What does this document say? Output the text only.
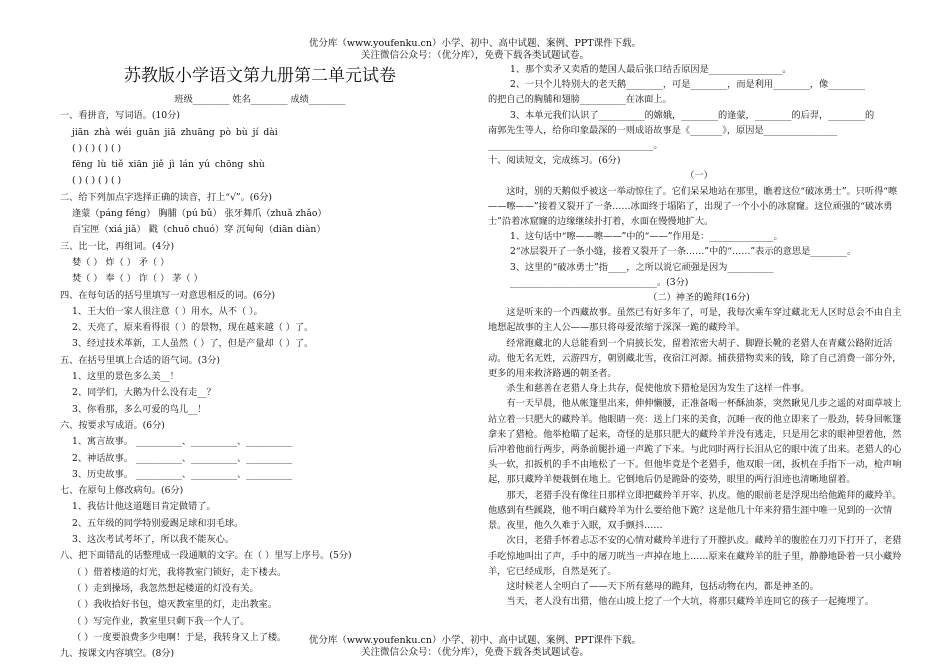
优分库（www.youfenku.cn）小学、初中、高中试题、案例、PPT课件下载。
关注微信公众号：（优分库），免费下载各类试题试卷。
苏教版小学语文第九册第二单元试卷
班级________ 姓名________ 成绩________
一、看拼音，写词语。(10分)
jiān zhà wéi guān jiā zhuāng pò bù jí dài
( ) ( ) ( ) ( )
fēng lù tiě xiān jiě jì lán yú chōng shù
( ) ( ) ( ) ( )
二、给下列加点字选择正确的读音，打上“√”。(6分)
逢蒙（páng féng） 胸脯（pú bǔ） 张牙舞爪（zhuǎ zhǎo）
百宝匣（xiá jiǎ） 戳（chuō chuó）穿 沉甸甸（diān diàn）
三、比一比，再组词。(4分)
婪（ ） 炸（ ） 矛（ ）
焚（ ） 奉（ ） 诈（ ） 茅（ ）
四、在每句话的括号里填写一对意思相反的词。(6分)
1、王大伯一家人很注意（ ）用水，从不（ ）。
2、天亮了，原来看得很（ ）的景物，现在越来越（ ）了。
3、经过技术革新，工人虽然（ ）了，但是产量却（ ）了。
五、在括号里填上合适的语气词。(3分)
1、这里的景色多么美__！
2、同学们，大鹅为什么没有走__？
3、你看那，多么可爱的鸟儿__！
六、按要求写成语。(6分)
1、寓言故事。 __________、__________、__________
2、神话故事。 __________、__________、__________
3、历史故事。 __________、__________、__________
七、在原句上修改病句。(6分)
1、我估计他这道题目肯定做错了。
2、五年级的同学特别爱踢足球和羽毛球。
3、这次考试考坏了，所以我不能灰心。
八、把下面错乱的话整理成一段通顺的文字。在（ ）里写上序号。(5分)
（ ）借着楼道的灯光，我将教室门锁好，走下楼去。
（ ）走到操场，我忽然想起楼道的灯没有关。
（ ）我收拾好书包，熄灭教室里的灯，走出教室。
（ ）写完作业，教室里只剩下我一个人了。
（ ）一度要浪费多少电啊！于是，我转身又上了楼。
九、按课文内容填空。(8分)
1、那个卖矛又卖盾的楚国人最后张口结舌原因是________________。
2、一只个儿特别大的老天鹅________，可是________，而是利用________，像________
的把自己的胸脯和翅膀__________在冰面上。
3、本单元我们认识了__________的嫦娥，________的逢蒙，________的后羿，________的
南郭先生等人，给你印象最深的一则成语故事是《_______》，原因是________________
____________________________________。
十、阅读短文，完成练习。(6分)
（一）
这时，别的天鹅似乎被这一举动惊住了。它们呆呆地站在那里，瞧着这位“破冰勇士”。只听得“嚓——嚓——”接着又裂开了一条……冰面终于塌陷了，出现了一个小小的冰窟窿。这位顽强的“破冰勇士”沿着冰窟窿的边缘继续扑打着，水面在慢慢地扩大。
1、这句话中“嚓——嚓——”中的“——”作用是：______________。
2“冰层裂开了一条小缝，接着又裂开了一条……”中的“……”表示的意思是________。
3、这里的“破冰勇士”指____，之所以说它顽强是因为__________
________________________________。(3分)
（二）神圣的跪拜(16分)
这是听来的一个西藏故事。虽然已有好多年了，可是，我每次乘车穿过藏北无人区时总会不由自主地想起故事的主人公——那只将母爱浓缩于深深一跪的藏羚羊。
经常跑藏北的人总能看到一个肩披长发，留着浓密大胡子、脚蹬长靴的老猎人在青藏公路附近活动。他无名无姓，云游四方，朝别藏北雪，夜宿江河源。捕获猎物卖来的钱，除了自己消费一部分外，更多的用来救济路遇的朝圣者。
杀生和慈善在老猎人身上共存，促使他放下猎枪是因为发生了这样一件事。
有一天早晨，他从帐篷里出来，伸伸懒腰，正准备喝一杯酥油茶，突然瞅见几步之遥的对面草坡上站立着一只肥大的藏羚羊。他眼睛一亮：送上门来的美食，沉睡一夜的他立即来了一股劲，转身回帐篷拿来了猎枪。他举枪瞄了起来，奇怪的是那只肥大的藏羚羊并没有逃走，只是用乞求的眼神望着他，然后冲着他前行两步，两条前腿扑通一声跪了下来。与此同时两行长泪从它的眼中流了出来。老猎人的心头一软，扣扳机的手不由地松了一下。但他毕竟是个老猎手，他双眼一闭，扳机在手指下一动，枪声响起，那只藏羚羊便栽倒在地上。它倒地后仍是跪卧的姿势，眼里的两行泪迹也清晰地留着。
那天，老猎手没有像往日那样立即把藏羚羊开宰、扒皮。他的眼前老是浮现出给他跪拜的藏羚羊。他感到有些蹊跷，他不明白藏羚羊为什么要给他下跪？这是他几十年来狩猎生涯中唯一见到的一次情景。夜里，他久久难于入眠，双手颤抖……
次日，老猎手怀着忐忑不安的心情对藏羚羊进行了开膛扒皮。藏羚羊的腹腔在刀刃下打开了，老猎手吃惊地叫出了声，手中的屠刀咣当一声掉在地上……原来在藏羚羊的肚子里，静静地卧着一只小藏羚羊，它已经成形，自然是死了。
这时候老人全明白了——天下所有慈母的跪拜，包括动物在内，都是神圣的。
当天，老人没有出猎，他在山坡上挖了一个大坑，将那只藏羚羊连同它的孩子一起掩埋了。
优分库（www.youfenku.cn）小学、初中、高中试题、案例、PPT课件下载。
关注微信公众号：（优分库），免费下载各类试题试卷。
